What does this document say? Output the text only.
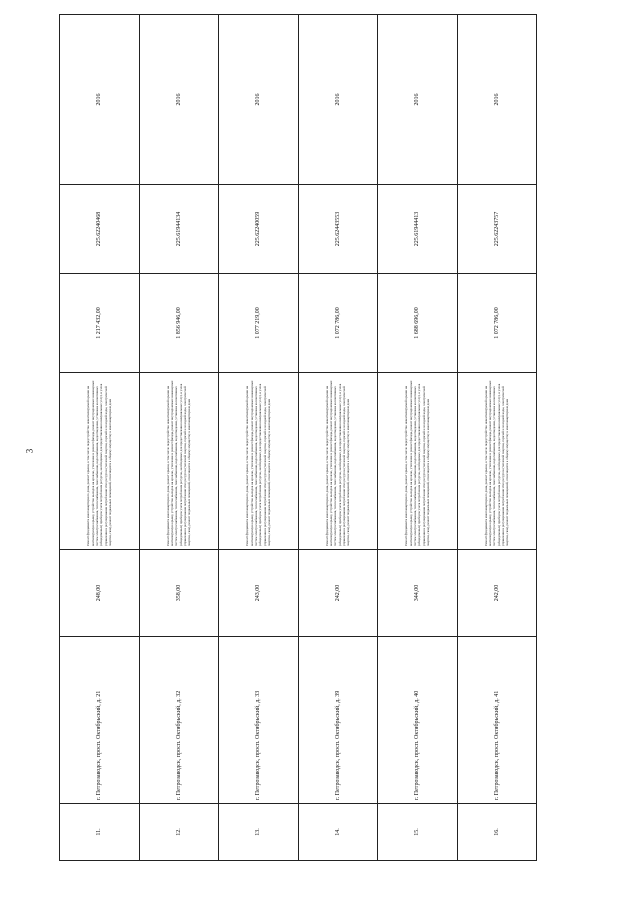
3
11.	г. Петрозаводск, просп. Октябрьский, д. 21	248,00	Ремонт фундамента многоквартирного дома, ремонт крыши, в том числе переустройство невентилируемой крыши на вентилируемую крышу, устройство выходов на кровлю, утепление и ремонт фасада, ремонт внутридомовых инженерных систем электроснабжения, теплоснабжения, газоснабжения, водоснабжения, водоотведения, установка коллективных (общедомовых) приборов учета потребления ресурсов, необходимых для предоставления коммунальных услуг, и узлов управления и регулирования потребления этих ресурсов (тепловой энергии, горячей и холодной воды, электрической энергии, газа), ремонт подвальных помещений, относящихся к общему имуществу в многоквартирном доме	1 217 432,00	225.62240468	2016
12.	г. Петрозаводск, просп. Октябрьский, д. 32	358,00	Ремонт фундамента многоквартирного дома, ремонт крыши, в том числе переустройство невентилируемой крыши на вентилируемую крышу, устройство выходов на кровлю, утепление и ремонт фасада, ремонт внутридомовых инженерных систем электроснабжения, теплоснабжения, газоснабжения, водоснабжения, водоотведения, установка коллективных (общедомовых) приборов учета потребления ресурсов, необходимых для предоставления коммунальных услуг, и узлов управления и регулирования потребления этих ресурсов (тепловой энергии, горячей и холодной воды, электрической энергии, газа), ремонт подвальных помещений, относящихся к общему имуществу в многоквартирном доме	1 856 946,00	225.61944134	2016
13.	г. Петрозаводск, просп. Октябрьский, д. 33	243,00	Ремонт фундамента многоквартирного дома, ремонт крыши, в том числе переустройство невентилируемой крыши на вентилируемую крышу, устройство выходов на кровлю, утепление и ремонт фасада, ремонт внутридомовых инженерных систем электроснабжения, теплоснабжения, газоснабжения, водоснабжения, водоотведения, установка коллективных (общедомовых) приборов учета потребления ресурсов, необходимых для предоставления коммунальных услуг, и узлов управления и регулирования потребления этих ресурсов (тепловой энергии, горячей и холодной воды, электрической энергии, газа), ремонт подвальных помещений, относящихся к общему имуществу в многоквартирном доме	1 077 219,00	225.62240059	2016
14.	г. Петрозаводск, просп. Октябрьский, д. 39	242,00	Ремонт фундамента многоквартирного дома, ремонт крыши, в том числе переустройство невентилируемой крыши на вентилируемую крышу, устройство выходов на кровлю, утепление и ремонт фасада, ремонт внутридомовых инженерных систем электроснабжения, теплоснабжения, газоснабжения, водоснабжения, водоотведения, установка коллективных (общедомовых) приборов учета потребления ресурсов, необходимых для предоставления коммунальных услуг, и узлов управления и регулирования потребления этих ресурсов (тепловой энергии, горячей и холодной воды, электрической энергии, газа), ремонт подвальных помещений, относящихся к общему имуществу в многоквартирном доме	1 072 786,00	225.62443553	2016
15.	г. Петрозаводск, просп. Октябрьский, д. 40	344,00	Ремонт фундамента многоквартирного дома, ремонт крыши, в том числе переустройство невентилируемой крыши на вентилируемую крышу, устройство выходов на кровлю, утепление и ремонт фасада, ремонт внутридомовых инженерных систем электроснабжения, теплоснабжения, газоснабжения, водоснабжения, водоотведения, установка коллективных (общедомовых) приборов учета потребления ресурсов, необходимых для предоставления коммунальных услуг, и узлов управления и регулирования потребления этих ресурсов (тепловой энергии, горячей и холодной воды, электрической энергии, газа), ремонт подвальных помещений, относящихся к общему имуществу в многоквартирном доме	1 688 696,00	225.61944413	2016
16.	г. Петрозаводск, просп. Октябрьский, д. 41	242,00	Ремонт фундамента многоквартирного дома, ремонт крыши, в том числе переустройство невентилируемой крыши на вентилируемую крышу, устройство выходов на кровлю, утепление и ремонт фасада, ремонт внутридомовых инженерных систем электроснабжения, теплоснабжения, газоснабжения, водоснабжения, водоотведения, установка коллективных (общедомовых) приборов учета потребления ресурсов, необходимых для предоставления коммунальных услуг, и узлов управления и регулирования потребления этих ресурсов (тепловой энергии, горячей и холодной воды, электрической энергии, газа), ремонт подвальных помещений, относящихся к общему имуществу в многоквартирном доме	1 072 786,00	225.62243757	2016
